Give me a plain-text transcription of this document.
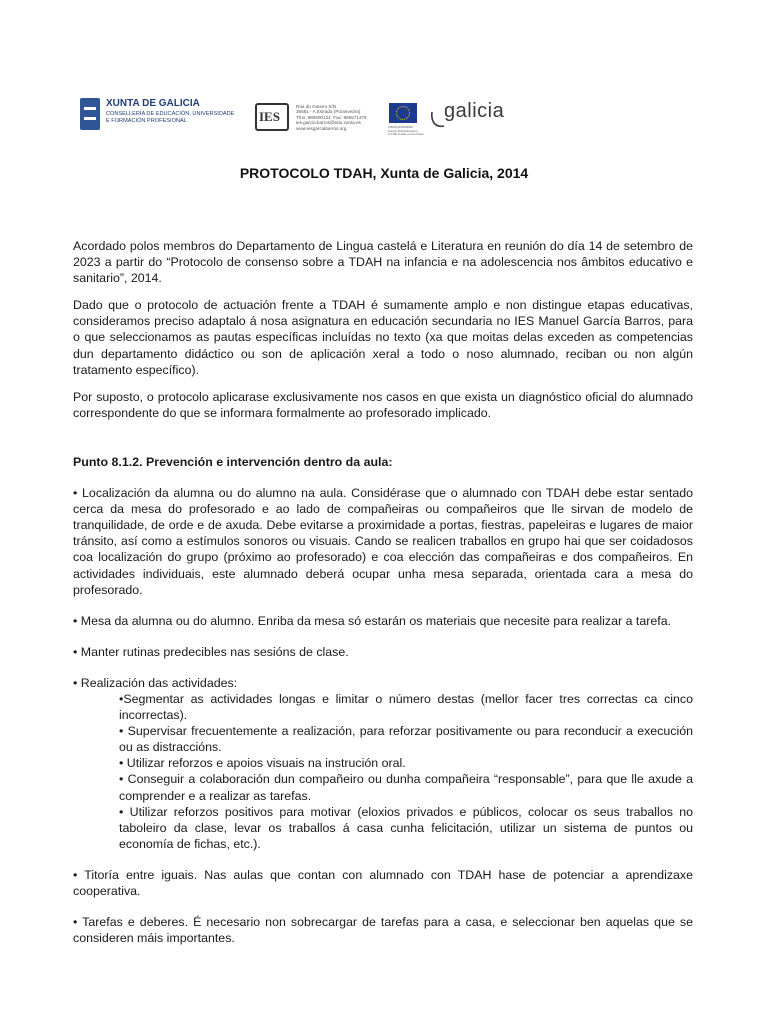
XUNTA DE GALICIA
CONSELLERÍA DE EDUCACIÓN, UNIVERSIDADE
E FORMACIÓN PROFESIONAL	IES
Rúa do Outeiro S/N
36681 - A Estrada (Pontevedra)
Tfno: 986590124  Fax: 986571478
ies.garcia.barros@edu.xunta.es
www.iesgarciabarros.org	UNIÓN EUROPEA
Fondo Social Europeo
O FSE inviste no teu futuro
galicia
PROTOCOLO TDAH, Xunta de Galicia, 2014

Acordado polos membros do Departamento de Lingua castelá e Literatura en reunión do día 14 de setembro de 2023 a partir do “Protocolo de consenso sobre a TDAH na infancia e na adolescencia nos âmbitos educativo e sanitario”, 2014.

Dado que o protocolo de actuación frente a TDAH é sumamente amplo e non distingue etapas educativas, consideramos preciso adaptalo á nosa asignatura en educación secundaria no IES Manuel García Barros, para o que seleccionamos as pautas específicas incluídas no texto (xa que moitas delas exceden as competencias dun departamento didáctico ou son de aplicación xeral a todo o noso alumnado, reciban ou non algún tratamento específico).

Por suposto, o protocolo aplicarase exclusivamente nos casos en que exista un diagnóstico oficial do alumnado correspondente do que se informara formalmente ao profesorado implicado.

Punto 8.1.2. Prevención e intervención dentro da aula:

• Localización da alumna ou do alumno na aula. Considérase que o alumnado con TDAH debe estar sentado cerca da mesa do profesorado e ao lado de compañeiras ou compañeiros que lle sirvan de modelo de tranquilidade, de orde e de axuda. Debe evitarse a proximidade a portas, fiestras, papeleiras e lugares de maior tránsito, así como a estímulos sonoros ou visuais. Cando se realicen traballos en grupo hai que ser coidadosos coa localización do grupo (próximo ao profesorado) e coa elección das compañeiras e dos compañeiros. En actividades individuais, este alumnado deberá ocupar unha mesa separada, orientada cara a mesa do profesorado.

• Mesa da alumna ou do alumno. Enriba da mesa só estarán os materiais que necesite para realizar a tarefa.

• Manter rutinas predecibles nas sesións de clase.

• Realización das actividades:

•Segmentar as actividades longas e limitar o número destas (mellor facer tres correctas ca cinco incorrectas).

• Supervisar frecuentemente a realización, para reforzar positivamente ou para reconducir a execución ou as distraccións.

• Utilizar reforzos e apoios visuais na instrución oral.

• Conseguir a colaboración dun compañeiro ou dunha compañeira “responsable”, para que lle axude a comprender e a realizar as tarefas.

• Utilizar reforzos positivos para motivar (eloxios privados e públicos, colocar os seus traballos no taboleiro da clase, levar os traballos á casa cunha felicitación, utilizar un sistema de puntos ou economía de fichas, etc.).

• Titoría entre iguais. Nas aulas que contan con alumnado con TDAH hase de potenciar a aprendizaxe cooperativa.

• Tarefas e deberes. É necesario non sobrecargar de tarefas para a casa, e seleccionar ben aquelas que se consideren máis importantes.
